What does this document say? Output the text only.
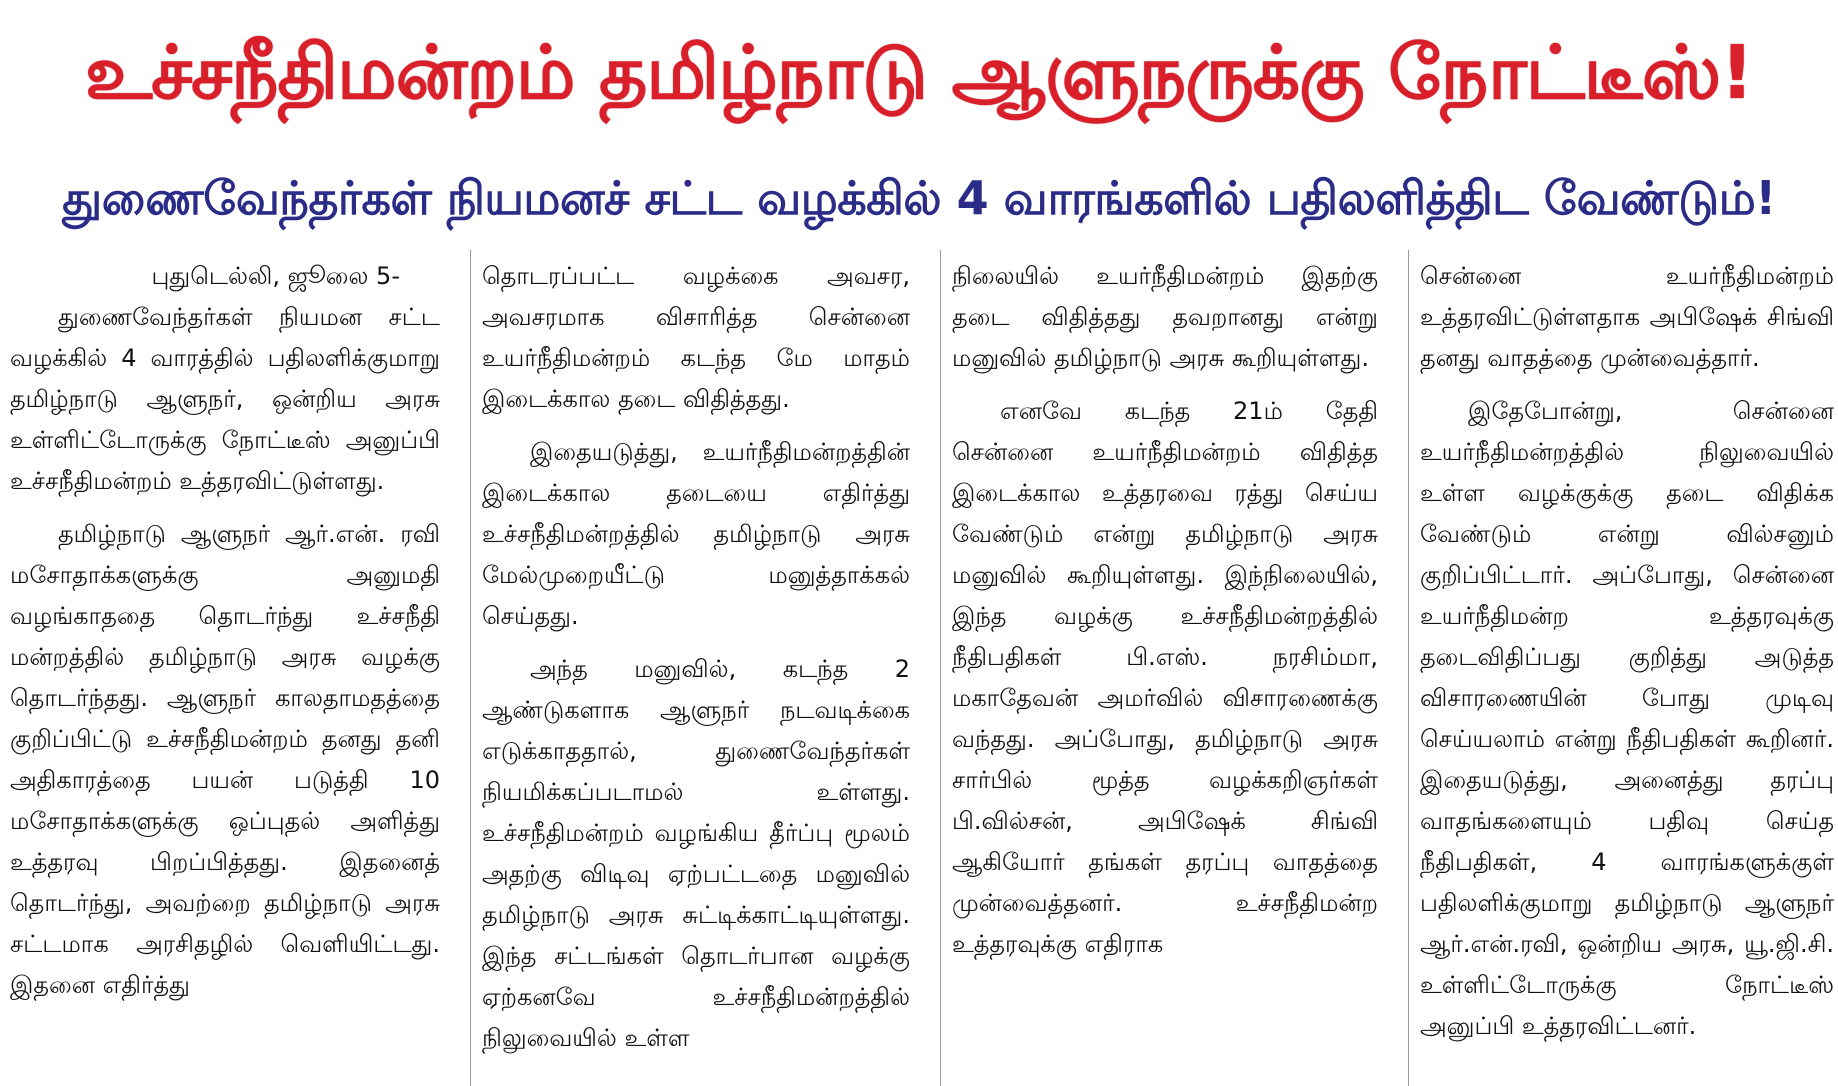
உச்சநீதிமன்றம் தமிழ்நாடு ஆளுநருக்கு நோட்டீஸ்!
துணைவேந்தர்கள் நியமனச் சட்ட வழக்கில் 4 வாரங்களில் பதிலளித்திட வேண்டும்!

புதுடெல்லி, ஜூலை 5-

துணைவேந்தர்கள் நியமன சட்ட வழக்கில் 4 வாரத்தில் பதிலளிக்குமாறு தமிழ்நாடு ஆளுநர், ஒன்றிய அரசு உள்ளிட்டோருக்கு நோட்டீஸ் அனுப்பி உச்சநீதிமன்றம் உத்தரவிட்டுள்ளது.

தமிழ்நாடு ஆளுநர் ஆர்.என். ரவி மசோதாக்களுக்கு அனுமதி வழங்காததை தொடர்ந்து உச்சநீதி மன்றத்தில் தமிழ்நாடு அரசு வழக்கு தொடர்ந்தது. ஆளுநர் காலதாமதத்தை குறிப்பிட்டு உச்சநீதிமன்றம் தனது தனி அதிகாரத்தை பயன் படுத்தி 10 மசோதாக்களுக்கு ஒப்புதல் அளித்து உத்தரவு பிறப்பித்தது. இதனைத் தொடர்ந்து, அவற்றை தமிழ்நாடு அரசு சட்டமாக அரசிதழில் வெளியிட்டது. இதனை எதிர்த்து

தொடரப்பட்ட வழக்கை அவசர, அவசரமாக விசாரித்த சென்னை உயர்நீதிமன்றம் கடந்த மே மாதம் இடைக்கால தடை விதித்தது.

இதையடுத்து, உயர்நீதிமன்றத்தின் இடைக்கால தடையை எதிர்த்து உச்சநீதிமன்றத்தில் தமிழ்நாடு அரசு மேல்முறையீட்டு மனுத்தாக்கல் செய்தது.

அந்த மனுவில், கடந்த 2 ஆண்டுகளாக ஆளுநர் நடவடிக்கை எடுக்காததால், துணைவேந்தர்கள் நியமிக்கப்படாமல் உள்ளது. உச்சநீதிமன்றம் வழங்கிய தீர்ப்பு மூலம் அதற்கு விடிவு ஏற்பட்டதை மனுவில் தமிழ்நாடு அரசு சுட்டிக்காட்டியுள்ளது. இந்த சட்டங்கள் தொடர்பான வழக்கு ஏற்கனவே உச்சநீதிமன்றத்தில் நிலுவையில் உள்ள

நிலையில் உயர்நீதிமன்றம் இதற்கு தடை விதித்தது தவறானது என்று மனுவில் தமிழ்நாடு அரசு கூறியுள்ளது.

எனவே கடந்த 21ம் தேதி சென்னை உயர்நீதிமன்றம் விதித்த இடைக்கால உத்தரவை ரத்து செய்ய வேண்டும் என்று தமிழ்நாடு அரசு மனுவில் கூறியுள்ளது. இந்நிலையில், இந்த வழக்கு உச்சநீதிமன்றத்தில் நீதிபதிகள் பி.எஸ். நரசிம்மா, மகாதேவன் அமர்வில் விசாரணைக்கு வந்தது. அப்போது, தமிழ்நாடு அரசு சார்பில் மூத்த வழக்கறிஞர்கள் பி.வில்சன், அபிஷேக் சிங்வி ஆகியோர் தங்கள் தரப்பு வாதத்தை முன்வைத்தனர். உச்சநீதிமன்ற உத்தரவுக்கு எதிராக

சென்னை உயர்நீதிமன்றம் உத்தரவிட்டுள்ளதாக அபிஷேக் சிங்வி தனது வாதத்தை முன்வைத்தார்.

இதேபோன்று, சென்னை உயர்நீதிமன்றத்தில் நிலுவையில் உள்ள வழக்குக்கு தடை விதிக்க வேண்டும் என்று வில்சனும் குறிப்பிட்டார். அப்போது, சென்னை உயர்நீதிமன்ற உத்தரவுக்கு தடைவிதிப்பது குறித்து அடுத்த விசாரணையின் போது முடிவு செய்யலாம் என்று நீதிபதிகள் கூறினர். இதையடுத்து, அனைத்து தரப்பு வாதங்களையும் பதிவு செய்த நீதிபதிகள், 4 வாரங்களுக்குள் பதிலளிக்குமாறு தமிழ்நாடு ஆளுநர் ஆர்.என்.ரவி, ஒன்றிய அரசு, யூ.ஜி.சி. உள்ளிட்டோருக்கு நோட்டீஸ் அனுப்பி உத்தரவிட்டனர்.
